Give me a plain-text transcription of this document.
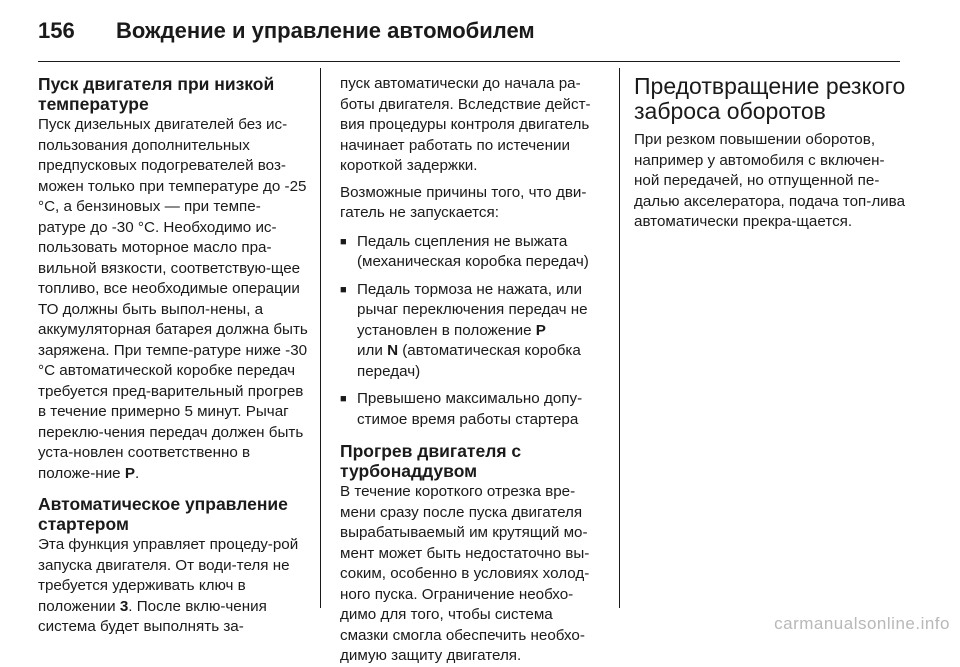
156	Вождение и управление автомобилем
Пуск двигателя при низкой температуре

Пуск дизельных двигателей без ис-пользования дополнительных предпусковых подогревателей воз-можен только при температуре до -25 °C, а бензиновых — при темпе-ратуре до -30 °C. Необходимо ис-пользовать моторное масло пра-вильной вязкости, соответствую-щее топливо, все необходимые операции ТО должны быть выпол-нены, а аккумуляторная батарея должна быть заряжена. При темпе-ратуре ниже -30 °C автоматической коробке передач требуется пред-варительный прогрев в течение примерно 5 минут. Рычаг переклю-чения передач должен быть уста-новлен соответственно в положе-ние P.

Автоматическое управление стартером

Эта функция управляет процеду-рой запуска двигателя. От води-теля не требуется удерживать ключ в положении 3. После вклю-чения система будет выполнять за-

пуск автоматически до начала ра-боты двигателя. Вследствие дейст-вия процедуры контроля двигатель начинает работать по истечении короткой задержки.

Возможные причины того, что дви-гатель не запускается:

■ Педаль сцепления не выжата (механическая коробка передач)
■ Педаль тормоза не нажата, или рычаг переключения передач не установлен в положение P
или N (автоматическая коробка передач)
■ Превышено максимально допу-стимое время работы стартера
Прогрев двигателя с турбонаддувом

В течение короткого отрезка вре-мени сразу после пуска двигателя вырабатываемый им крутящий мо-мент может быть недостаточно вы-соким, особенно в условиях холод-ного пуска. Ограничение необхо-димо для того, чтобы система смазки смогла обеспечить необхо-димую защиту двигателя.

Предотвращение резкого заброса оборотов

При резком повышении оборотов, например у автомобиля с включен-ной передачей, но отпущенной пе-далью акселератора, подача топ-лива автоматически прекра-щается.

carmanualsonline.info
